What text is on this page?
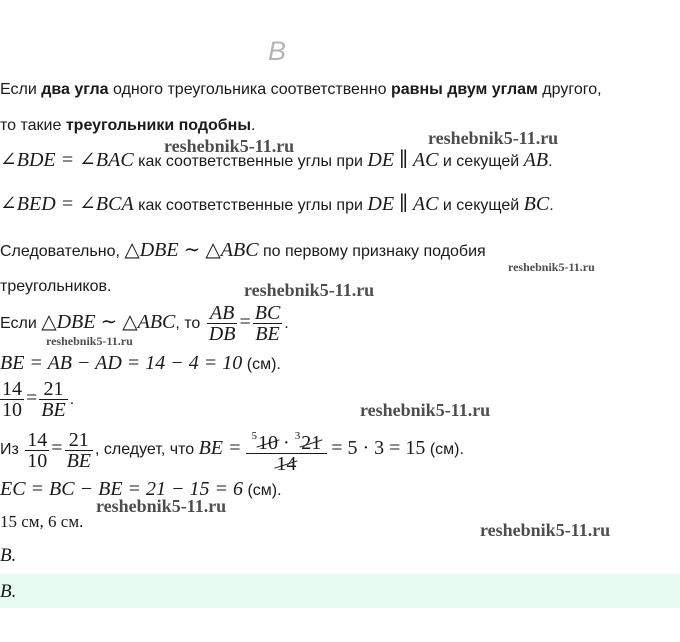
В
Если два угла одного треугольника соответственно равны двум углам другого,
то такие треугольники подобны.
∠BDE = ∠BAC как соответственные углы при DE ∥ AC и секущей AB.
∠BED = ∠BCA как соответственные углы при DE ∥ AC и секущей BC.
Следовательно, △DBE ∼ △ABC по первому признаку подобия
треугольников.
Если △DBE ∼ △ABC, то $\frac{AB}{DB} = \frac{BC}{BE}$ .
BE = AB − AD = 14 − 4 = 10 (см).
$\frac{14}{10} = \frac{21}{BE}$ .
Из $\frac{14}{10} = \frac{21}{BE}$ , следует, что BE = $\frac{^510 \cdot ^321}{14} = 5 \cdot 3 = 15$ (см).
EC = BC − BE = 21 − 15 = 6 (см).
15 см, 6 см.
B.
B.
reshebnik5-11.ru	reshebnik5-11.ru
reshebnik5-11.ru
reshebnik5-11.ru
reshebnik5-11.ru
reshebnik5-11.ru
reshebnik5-11.ru
reshebnik5-11.ru
